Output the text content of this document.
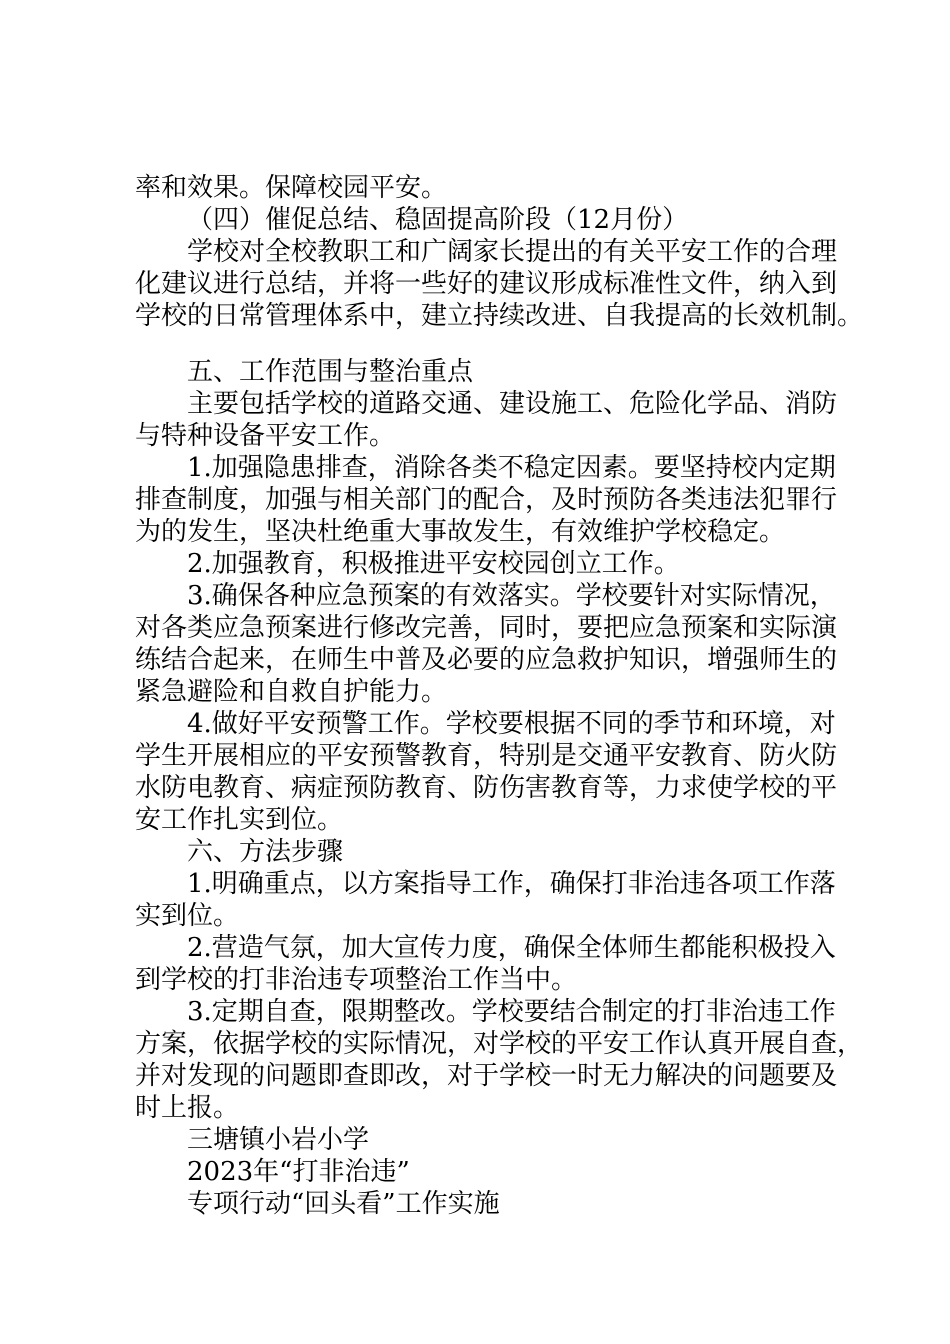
率和效果。保障校园平安。
（四）催促总结、稳固提高阶段（12月份）
学校对全校教职工和广阔家长提出的有关平安工作的合理
化建议进行总结，并将一些好的建议形成标准性文件，纳入到
学校的日常管理体系中，建立持续改进、自我提高的长效机制。
五、工作范围与整治重点
主要包括学校的道路交通、建设施工、危险化学品、消防
与特种设备平安工作。
1.加强隐患排查，消除各类不稳定因素。要坚持校内定期
排查制度，加强与相关部门的配合，及时预防各类违法犯罪行
为的发生，坚决杜绝重大事故发生，有效维护学校稳定。
2.加强教育，积极推进平安校园创立工作。
3.确保各种应急预案的有效落实。学校要针对实际情况，
对各类应急预案进行修改完善，同时，要把应急预案和实际演
练结合起来，在师生中普及必要的应急救护知识，增强师生的
紧急避险和自救自护能力。
4.做好平安预警工作。学校要根据不同的季节和环境，对
学生开展相应的平安预警教育，特别是交通平安教育、防火防
水防电教育、病症预防教育、防伤害教育等，力求使学校的平
安工作扎实到位。
六、方法步骤
1.明确重点，以方案指导工作，确保打非治违各项工作落
实到位。
2.营造气氛，加大宣传力度，确保全体师生都能积极投入
到学校的打非治违专项整治工作当中。
3.定期自查，限期整改。学校要结合制定的打非治违工作
方案，依据学校的实际情况，对学校的平安工作认真开展自查，
并对发现的问题即查即改，对于学校一时无力解决的问题要及
时上报。
三塘镇小岩小学
2023年“打非治违”
专项行动“回头看”工作实施
